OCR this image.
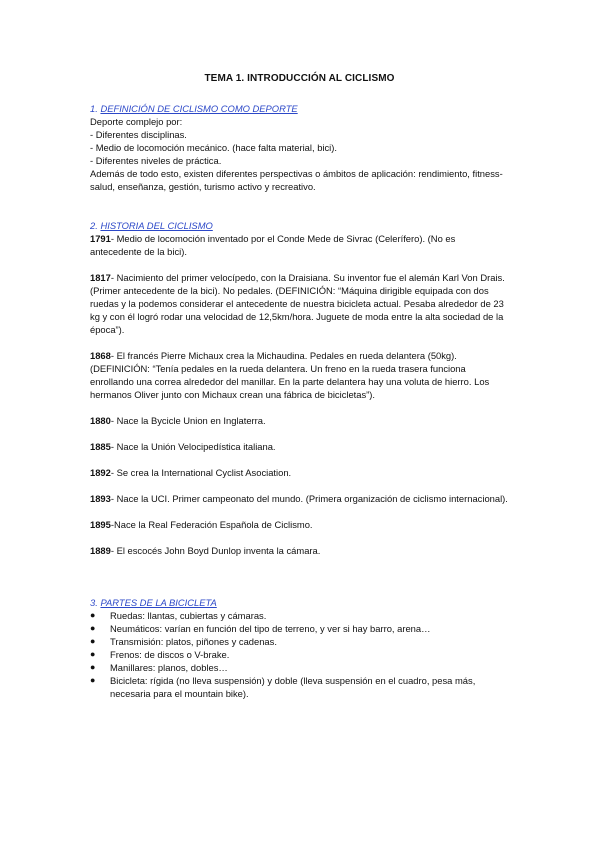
TEMA 1. INTRODUCCIÓN AL CICLISMO

1. DEFINICIÓN DE CICLISMO COMO DEPORTE

Deporte complejo por:

- Diferentes disciplinas.

- Medio de locomoción mecánico. (hace falta material, bici).

- Diferentes niveles de práctica.

Además de todo esto, existen diferentes perspectivas o ámbitos de aplicación: rendimiento, fitness-salud, enseñanza, gestión, turismo activo y recreativo.

2. HISTORIA DEL CICLISMO

1791- Medio de locomoción inventado por el Conde Mede de Sivrac (Celerífero). (No es antecedente de la bici).

1817- Nacimiento del primer velocípedo, con la Draisiana. Su inventor fue el alemán Karl Von Drais. (Primer antecedente de la bici). No pedales. (DEFINICIÓN: “Máquina dirigible equipada con dos ruedas y la podemos considerar el antecedente de nuestra bicicleta actual. Pesaba alrededor de 23 kg y con él logró rodar una velocidad de 12,5km/hora. Juguete de moda entre la alta sociedad de la época”).

1868- El francés Pierre Michaux crea la Michaudina. Pedales en rueda delantera (50kg). (DEFINICIÓN: “Tenía pedales en la rueda delantera. Un freno en la rueda trasera funciona enrollando una correa alrededor del manillar. En la parte delantera hay una voluta de hierro. Los hermanos Oliver junto con Michaux crean una fábrica de bicicletas”).

1880- Nace la Bycicle Union en Inglaterra.

1885- Nace la Unión Velocipedística italiana.

1892- Se crea la International Cyclist Asociation.

1893- Nace la UCI. Primer campeonato del mundo. (Primera organización de ciclismo internacional).

1895-Nace la Real Federación Española de Ciclismo.

1889- El escocés John Boyd Dunlop inventa la cámara.

3. PARTES DE LA BICICLETA

● Ruedas: llantas, cubiertas y cámaras.
● Neumáticos: varían en función del tipo de terreno, y ver si hay barro, arena…
● Transmisión: platos, piñones y cadenas.
● Frenos: de discos o V-brake.
● Manillares: planos, dobles…
● Bicicleta: rígida (no lleva suspensión) y doble (lleva suspensión en el cuadro, pesa más, necesaria para el mountain bike).
